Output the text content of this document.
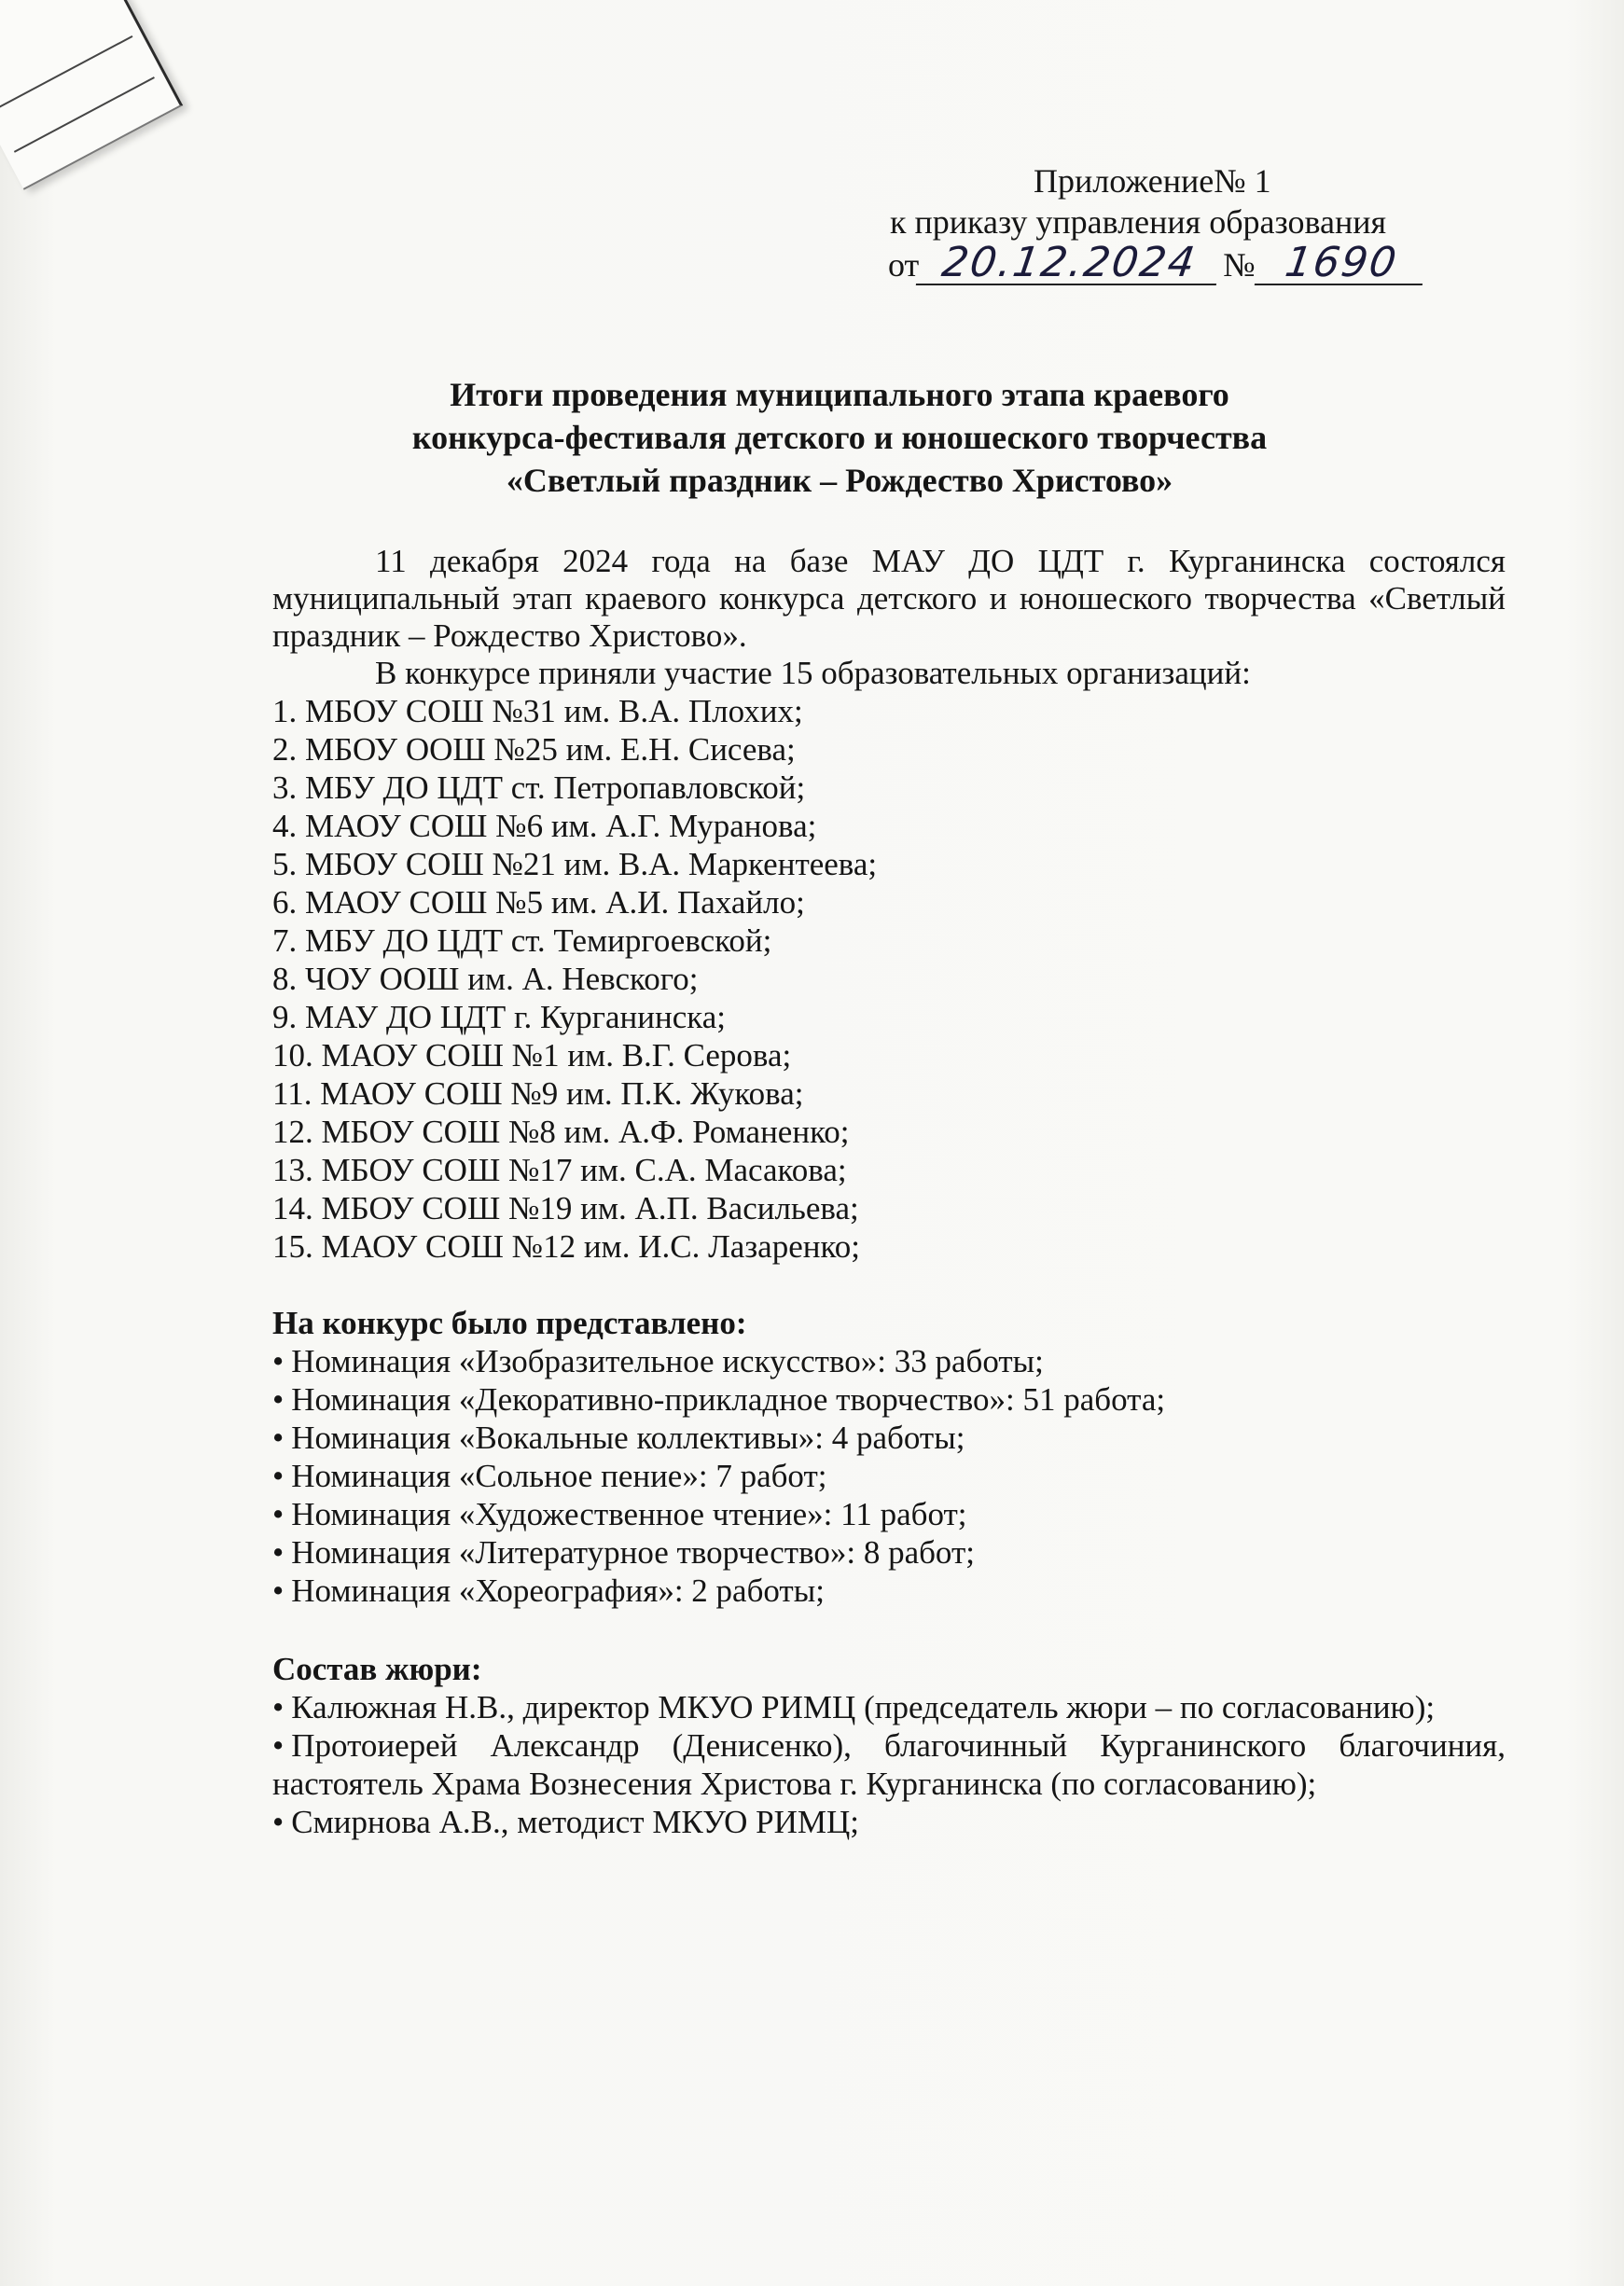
Приложение№ 1
к приказу управления образования
от 20.12.2024 № 1690
Итоги проведения муниципального этапа краевого
конкурса-фестиваля детского и юношеского творчества
«Светлый праздник – Рождество Христово»

11 декабря 2024 года на базе МАУ ДО ЦДТ г. Курганинска состоялся муниципальный этап краевого конкурса детского и юношеского творчества «Светлый праздник – Рождество Христово».

В конкурсе приняли участие 15 образовательных организаций:

1. МБОУ СОШ №31 им. В.А. Плохих;
2. МБОУ ООШ №25 им. Е.Н. Сисева;
3. МБУ ДО ЦДТ ст. Петропавловской;
4. МАОУ СОШ №6 им. А.Г. Муранова;
5. МБОУ СОШ №21 им. В.А. Маркентеева;
6. МАОУ СОШ №5 им. А.И. Пахайло;
7. МБУ ДО ЦДТ ст. Темиргоевской;
8. ЧОУ ООШ им. А. Невского;
9. МАУ ДО ЦДТ г. Курганинска;
10. МАОУ СОШ №1 им. В.Г. Серова;
11. МАОУ СОШ №9 им. П.К. Жукова;
12. МБОУ СОШ №8 им. А.Ф. Романенко;
13. МБОУ СОШ №17 им. С.А. Масакова;
14. МБОУ СОШ №19 им. А.П. Васильева;
15. МАОУ СОШ №12 им. И.С. Лазаренко;
На конкурс было представлено:
• Номинация «Изобразительное искусство»: 33 работы;
• Номинация «Декоративно-прикладное творчество»: 51 работа;
• Номинация «Вокальные коллективы»: 4 работы;
• Номинация «Сольное пение»: 7 работ;
• Номинация «Художественное чтение»: 11 работ;
• Номинация «Литературное творчество»: 8 работ;
• Номинация «Хореография»: 2 работы;
Состав жюри:
• Калюжная Н.В., директор МКУО РИМЦ (председатель жюри – по согласованию);
• Протоиерей Александр (Денисенко), благочинный Курганинского благочиния, настоятель Храма Вознесения Христова г. Курганинска (по согласованию);
• Смирнова А.В., методист МКУО РИМЦ;
